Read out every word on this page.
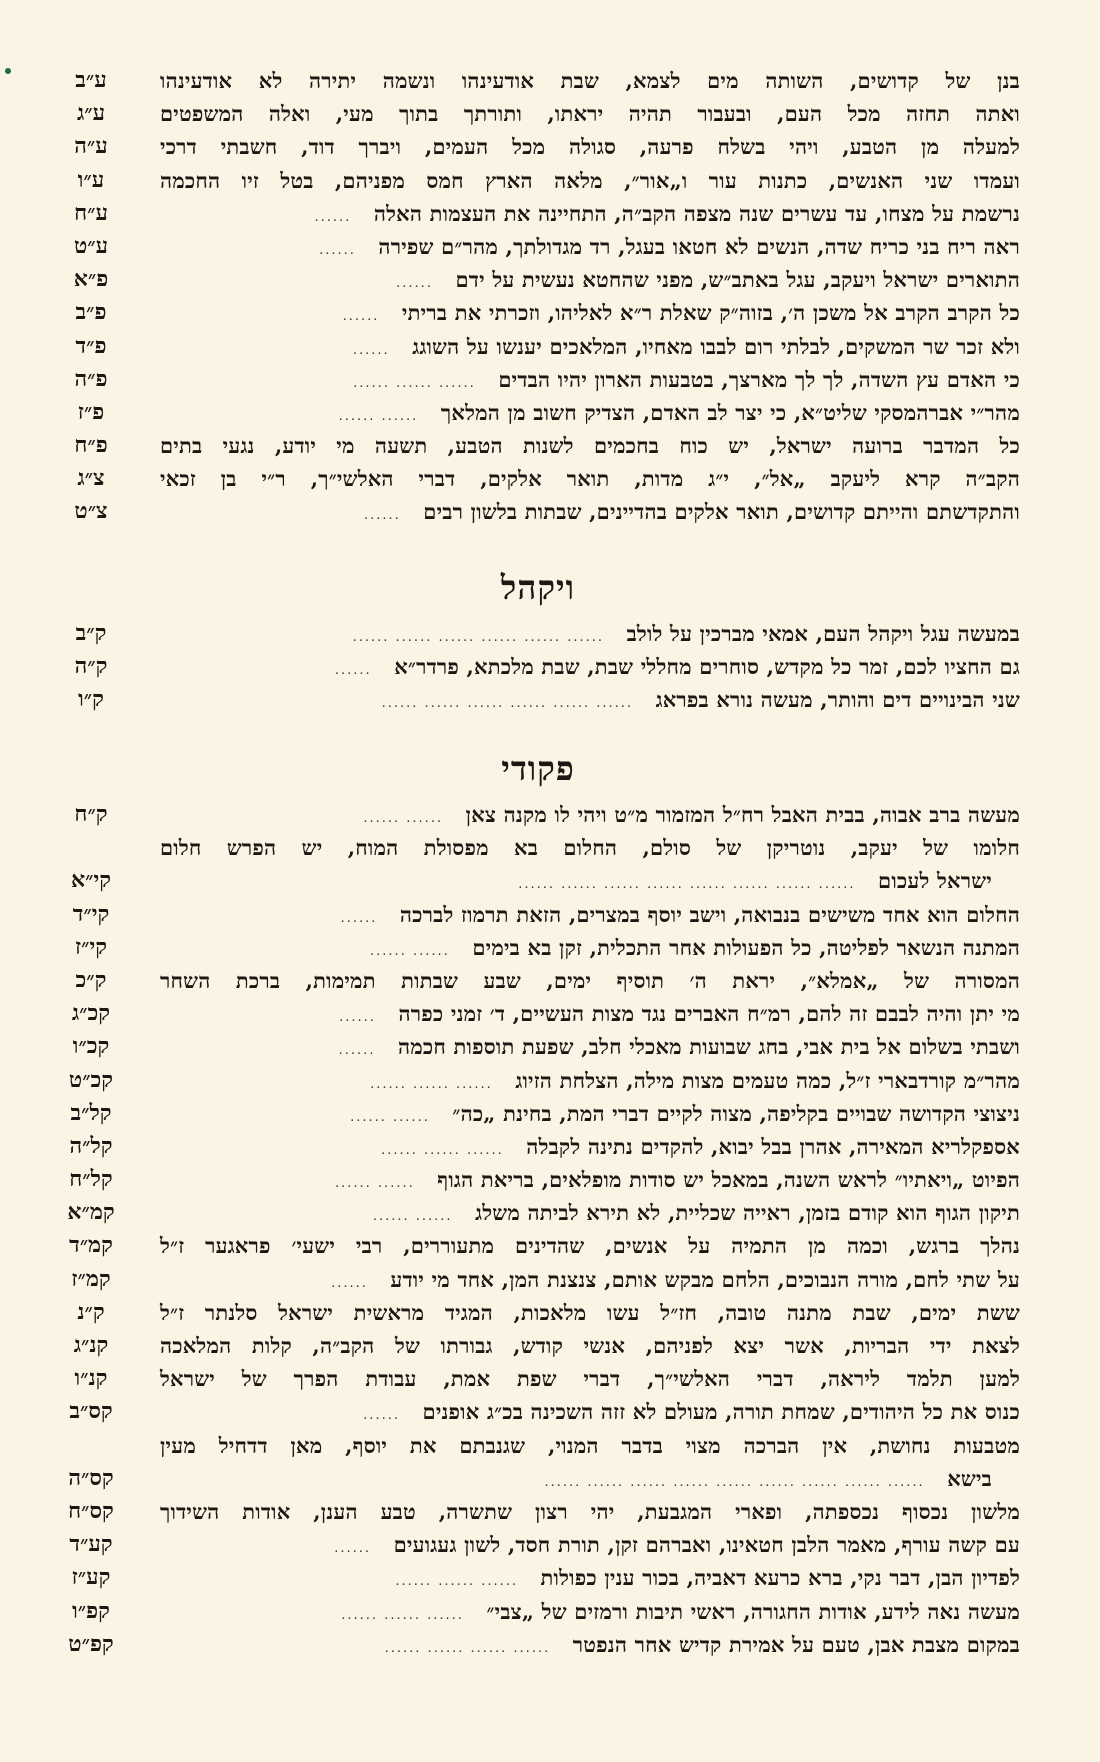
בנן של קדושים, השותה מים לצמא, שבת אודעינהו ונשמה יתירה לא אודעינהו
ע״ב
ואתה תחזה מכל העם, ובעבור תהיה יראתו, ותורתך בתוך מעי, ואלה המשפטים
ע״ג
למעלה מן הטבע, ויהי בשלח פרעה, סגולה מכל העמים, ויברך דוד, חשבתי דרכי
ע״ה
ועמדו שני האנשים, כתנות עור ו„אור״, מלאה הארץ חמס מפניהם, בטל זיו החכמה
ע״ו
נרשמת על מצחו, עד עשרים שנה מצפה הקב״ה, התחיינה את העצמות האלה   ......
ע״ח
ראה ריח בני כריח שדה, הנשים לא חטאו בעגל, רד מגדולתך, מהר״ם שפירה   ......
ע״ט
התוארים ישראל ויעקב, עגל באתב״ש, מפני שהחטא נעשית על ידם   ......
פ״א
כל הקרב הקרב אל משכן ה׳, בזוה״ק שאלת ר״א לאליהו, וזכרתי את בריתי   ......
פ״ב
ולא זכר שר המשקים, לבלתי רום לבבו מאחיו, המלאכים יענשו על השוגג   ......
פ״ד
כי האדם עץ השדה, לך לך מארצך, בטבעות הארון יהיו הבדים   ...... ...... ......
פ״ה
מהר״י אברהמסקי שליט״א, כי יצר לב האדם, הצדיק חשוב מן המלאך   ...... ......
פ״ז
כל המדבר ברועה ישראל, יש כוח בחכמים לשנות הטבע, תשעה מי יודע, נגעי בתים
פ״ח
הקב״ה קרא ליעקב „אל״, י״ג מדות, תואר אלקים, דברי האלשי״ך, ר״י בן זכאי
צ״ג
והתקדשתם והייתם קדושים, תואר אלקים בהדיינים, שבתות בלשון רבים   ......
צ״ט
ויקהל
במעשה עגל ויקהל העם, אמאי מברכין על לולב   ...... ...... ...... ...... ...... ......
ק״ב
גם החציו לכם, זמר כל מקדש, סוחרים מחללי שבת, שבת מלכתא, פרדר״א   ......
ק״ה
שני הבינויים דים והותר, מעשה נורא בפראג   ...... ...... ...... ...... ...... ......
ק״ו
פקודי
מעשה ברב אבוה, בבית האבל רח״ל המזמור מ״ט ויהי לו מקנה צאן   ...... ......
ק״ח
חלומו של יעקב, נוטריקן של סולם, החלום בא מפסולת המוח, יש הפרש חלום
ישראל לעכום   ...... ...... ...... ...... ...... ...... ...... ......
קי״א
החלום הוא אחד משישים בנבואה, וישב יוסף במצרים, הזאת תרמוז לברכה   ......
קי״ד
המתנה הנשאר לפליטה, כל הפעולות אחר התכלית, זקן בא בימים   ...... ......
קי״ז
המסורה של „אמלא״, יראת ה׳ תוסיף ימים, שבע שבתות תמימות, ברכת השחר
ק״כ
מי יתן והיה לבבם זה להם, רמ״ח האברים נגד מצות העשיים, ד׳ זמני כפרה   ......
קכ״ג
ושבתי בשלום אל בית אבי, בחג שבועות מאכלי חלב, שפעת תוספות חכמה   ......
קכ״ו
מהר״מ קורדבארי ז״ל, כמה טעמים מצות מילה, הצלחת הזיוג   ...... ...... ......
קכ״ט
ניצוצי הקדושה שבויים בקליפה, מצוה לקיים דברי המת, בחינת „כה״   ...... ......
קל״ב
אספקלריא המאירה, אהרן בבל יבוא, להקדים נתינה לקבלה   ...... ...... ......
קל״ה
הפיוט „ויאתיו״ לראש השנה, במאכל יש סודות מופלאים, בריאת הגוף   ...... ......
קל״ח
תיקון הגוף הוא קודם בזמן, ראייה שכליית, לא תירא לביתה משלג   ...... ......
קמ״א
נהלך ברגש, וכמה מן התמיה על אנשים, שהדינים מתעוררים, רבי ישעי׳ פראגער ז״ל
קמ״ד
על שתי לחם, מורה הנבוכים, הלחם מבקש אותם, צנצנת המן, אחד מי יודע   ......
קמ״ז
ששת ימים, שבת מתנה טובה, חז״ל עשו מלאכות, המגיד מראשית ישראל סלנתר ז״ל
ק״נ
לצאת ידי הבריות, אשר יצא לפניהם, אנשי קודש, גבורתו של הקב״ה, קלות המלאכה
קנ״ג
למען תלמד ליראה, דברי האלשי״ך, דברי שפת אמת, עבודת הפרך של ישראל
קנ״ו
כנוס את כל היהודים, שמחת תורה, מעולם לא זזה השכינה בכ״ג אופנים   ......
קס״ב
מטבעות נחושת, אין הברכה מצוי בדבר המנוי, שגנבתם את יוסף, מאן דדחיל מעין
בישא   ...... ...... ...... ...... ...... ...... ...... ...... ......
קס״ה
מלשון נכסוף נכספתה, ופארי המגבעת, יהי רצון שתשרה, טבע הענן, אודות השידוך
קס״ח
עם קשה עורף, מאמר הלבן חטאינו, ואברהם זקן, תורת חסד, לשון געגועים   ......
קע״ד
לפדיון הבן, דבר נקי, ברא כרעא דאביה, בכור ענין כפולות   ...... ...... ......
קע״ז
מעשה נאה לידע, אודות החגורה, ראשי תיבות ורמזים של „צבי״   ...... ...... ......
קפ״ו
במקום מצבת אבן, טעם על אמירת קדיש אחר הנפטר   ...... ...... ...... ......
קפ״ט
